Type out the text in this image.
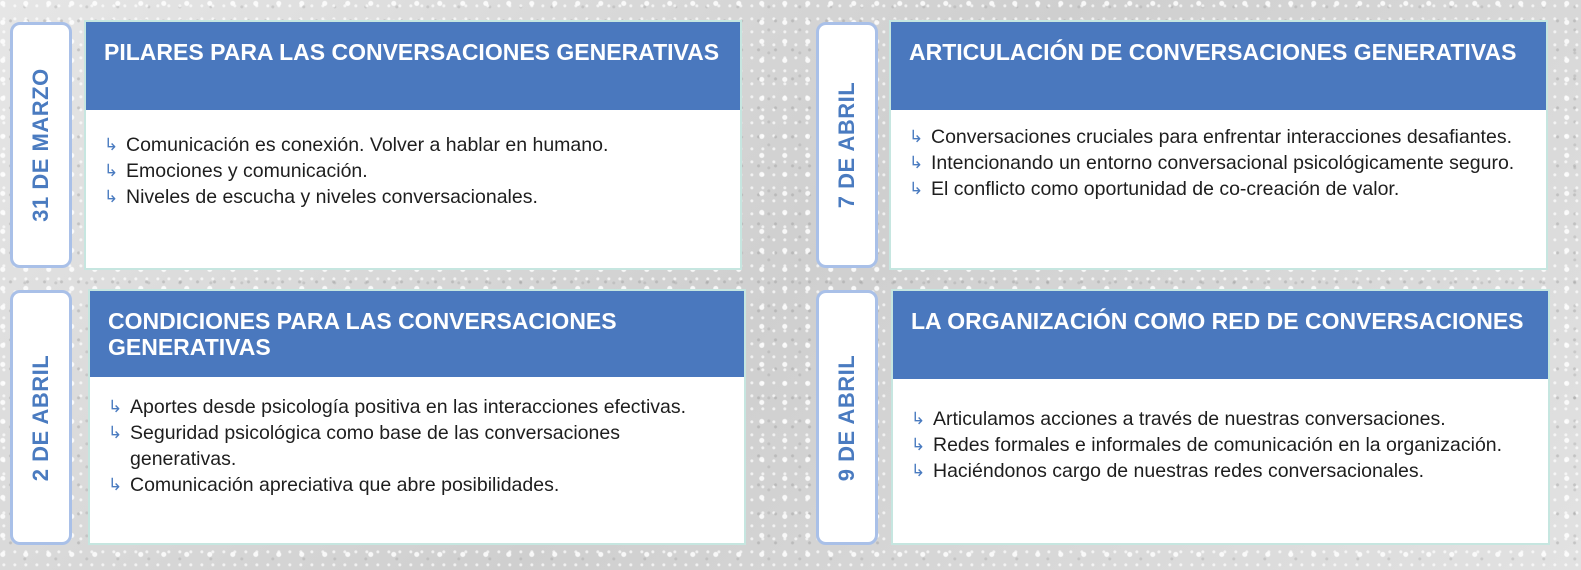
31 DE MARZO
PILARES PARA LAS CONVERSACIONES GENERATIVAS
↳ Comunicación es conexión. Volver a hablar en humano.
↳ Emociones y comunicación.
↳ Niveles de escucha y niveles conversacionales.	7 DE ABRIL
ARTICULACIÓN DE CONVERSACIONES GENERATIVAS
↳ Conversaciones cruciales para enfrentar interacciones desafiantes.
↳ Intencionando un entorno conversacional psicológicamente seguro.
↳ El conflicto como oportunidad de co-creación de valor.
2 DE ABRIL
CONDICIONES PARA LAS CONVERSACIONES GENERATIVAS
↳ Aportes desde psicología positiva en las interacciones efectivas.
↳ Seguridad psicológica como base de las conversaciones generativas.
↳ Comunicación apreciativa que abre posibilidades.
9 DE ABRIL
LA ORGANIZACIÓN COMO RED DE CONVERSACIONES
↳ Articulamos acciones a través de nuestras conversaciones.
↳ Redes formales e informales de comunicación en la organización.
↳ Haciéndonos cargo de nuestras redes conversacionales.
